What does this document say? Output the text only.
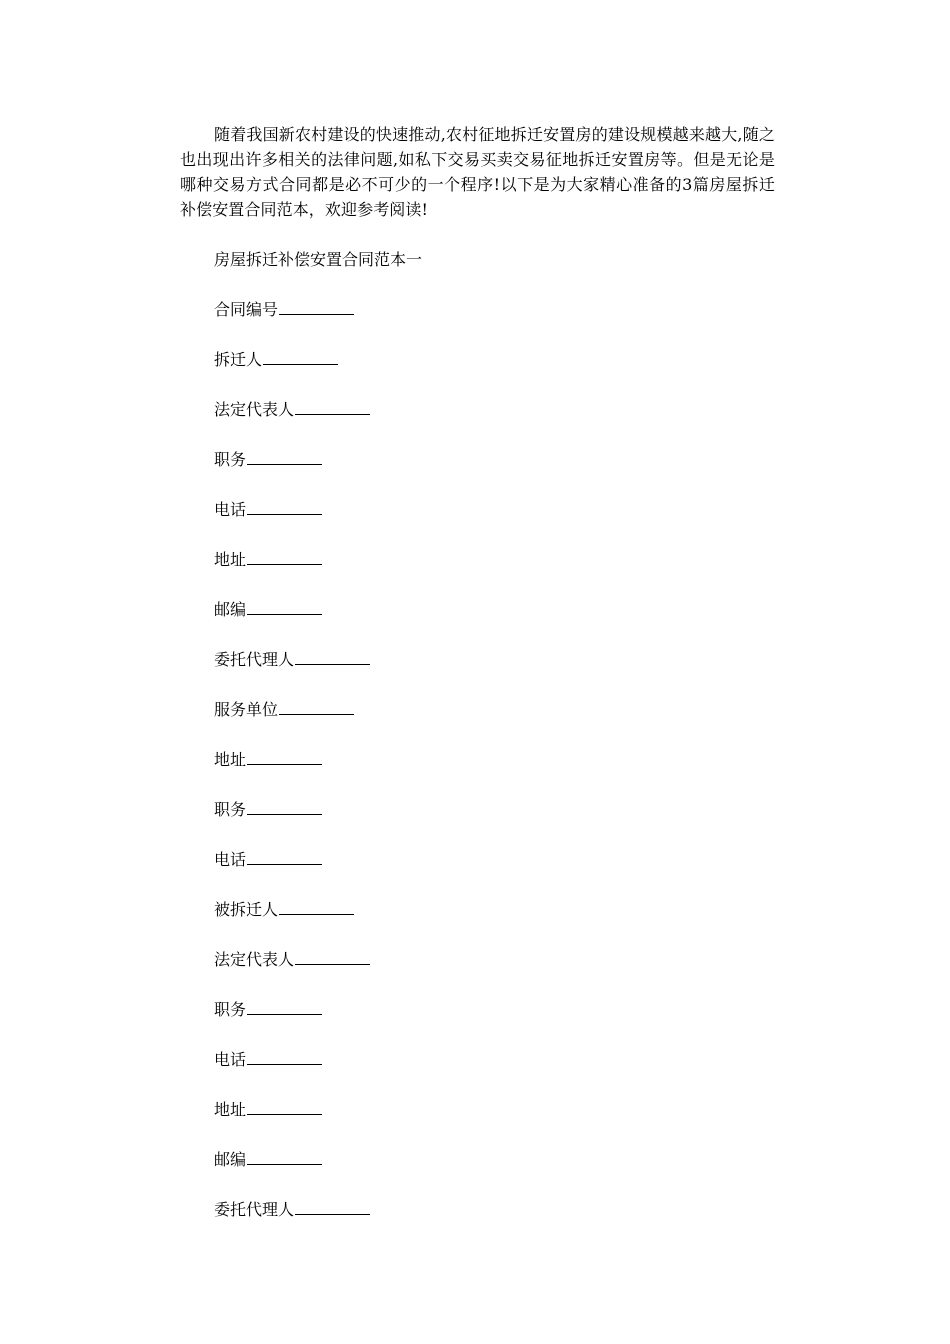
随着我国新农村建设的快速推动,农村征地拆迁安置房的建设规模越来越大,随之也出现出许多相关的法律问题,如私下交易买卖交易征地拆迁安置房等。但是无论是哪种交易方式合同都是必不可少的一个程序!以下是为大家精心准备的3篇房屋拆迁补偿安置合同范本，欢迎参考阅读!

房屋拆迁补偿安置合同范本一
合同编号
拆迁人
法定代表人
职务
电话
地址
邮编
委托代理人
服务单位
地址
职务
电话
被拆迁人
法定代表人
职务
电话
地址
邮编
委托代理人
